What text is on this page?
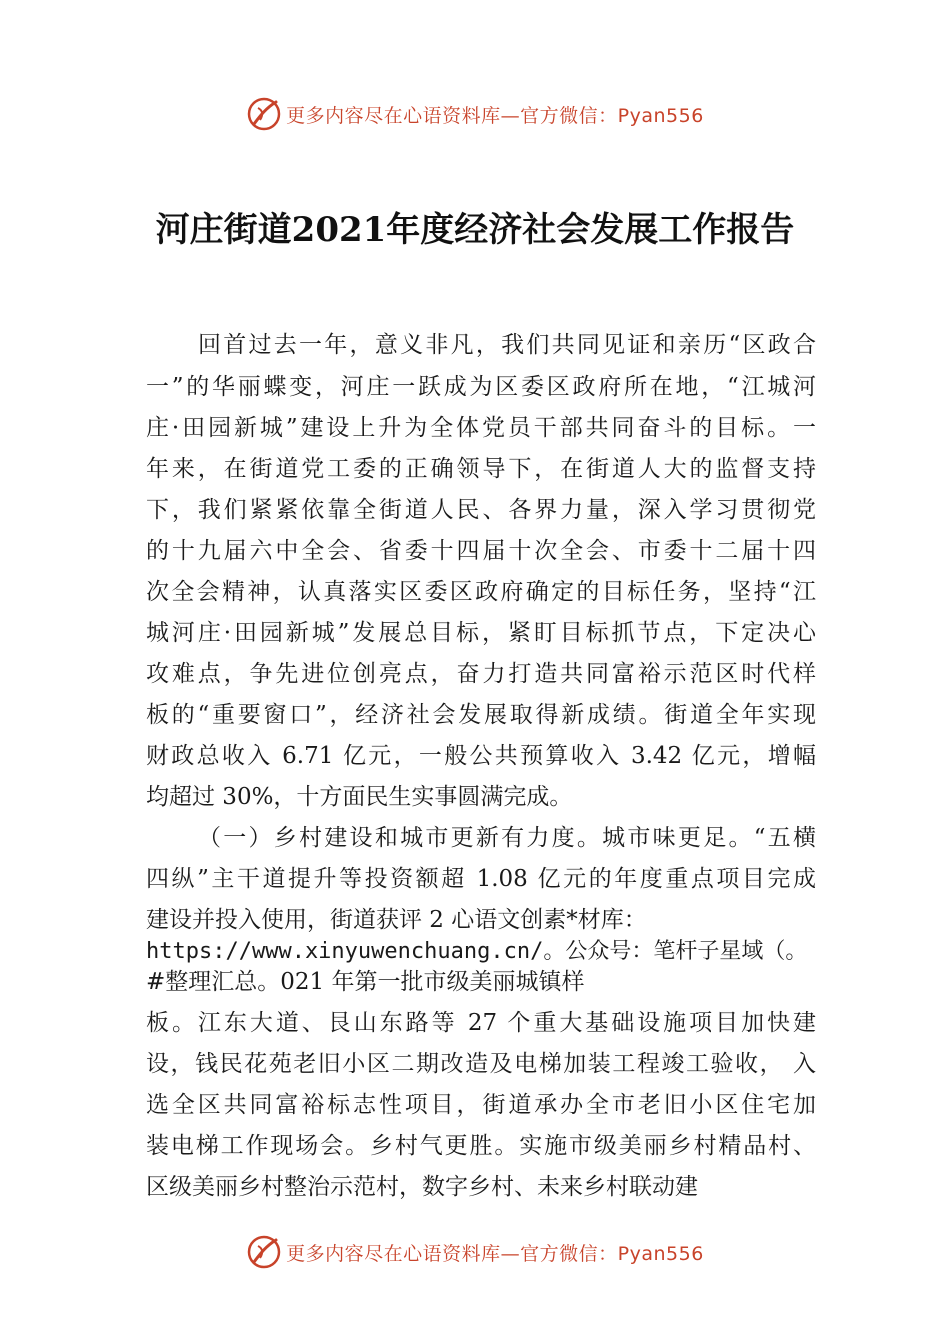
更多内容尽在心语资料库—官方微信：Pyan556
河庄街道2021年度经济社会发展工作报告
回首过去一年，意义非凡，我们共同见证和亲历“区政合
一”的华丽蝶变，河庄一跃成为区委区政府所在地，“江城河
庄·田园新城”建设上升为全体党员干部共同奋斗的目标。一
年来，在街道党工委的正确领导下，在街道人大的监督支持
下，我们紧紧依靠全街道人民、各界力量，深入学习贯彻党
的十九届六中全会、省委十四届十次全会、市委十二届十四
次全会精神，认真落实区委区政府确定的目标任务，坚持“江
城河庄·田园新城”发展总目标，紧盯目标抓节点，下定决心
攻难点，争先进位创亮点，奋力打造共同富裕示范区时代样
板的“重要窗口”，经济社会发展取得新成绩。街道全年实现
财政总收入 6.71 亿元，一般公共预算收入 3.42 亿元，增幅
均超过 30%，十方面民生实事圆满完成。
（一）乡村建设和城市更新有力度。城市味更足。“五横
四纵”主干道提升等投资额超 1.08 亿元的年度重点项目完成
建设并投入使用，街道获评 2 心语文创素*材库：
https://www.xinyuwenchuang.cn/。公众号：笔杆子星域（。
#整理汇总。021 年第一批市级美丽城镇样
板。江东大道、艮山东路等 27 个重大基础设施项目加快建
设，钱民花苑老旧小区二期改造及电梯加装工程竣工验收， 入
选全区共同富裕标志性项目，街道承办全市老旧小区住宅加
装电梯工作现场会。乡村气更胜。实施市级美丽乡村精品村、
区级美丽乡村整治示范村，数字乡村、未来乡村联动建
更多内容尽在心语资料库—官方微信：Pyan556
